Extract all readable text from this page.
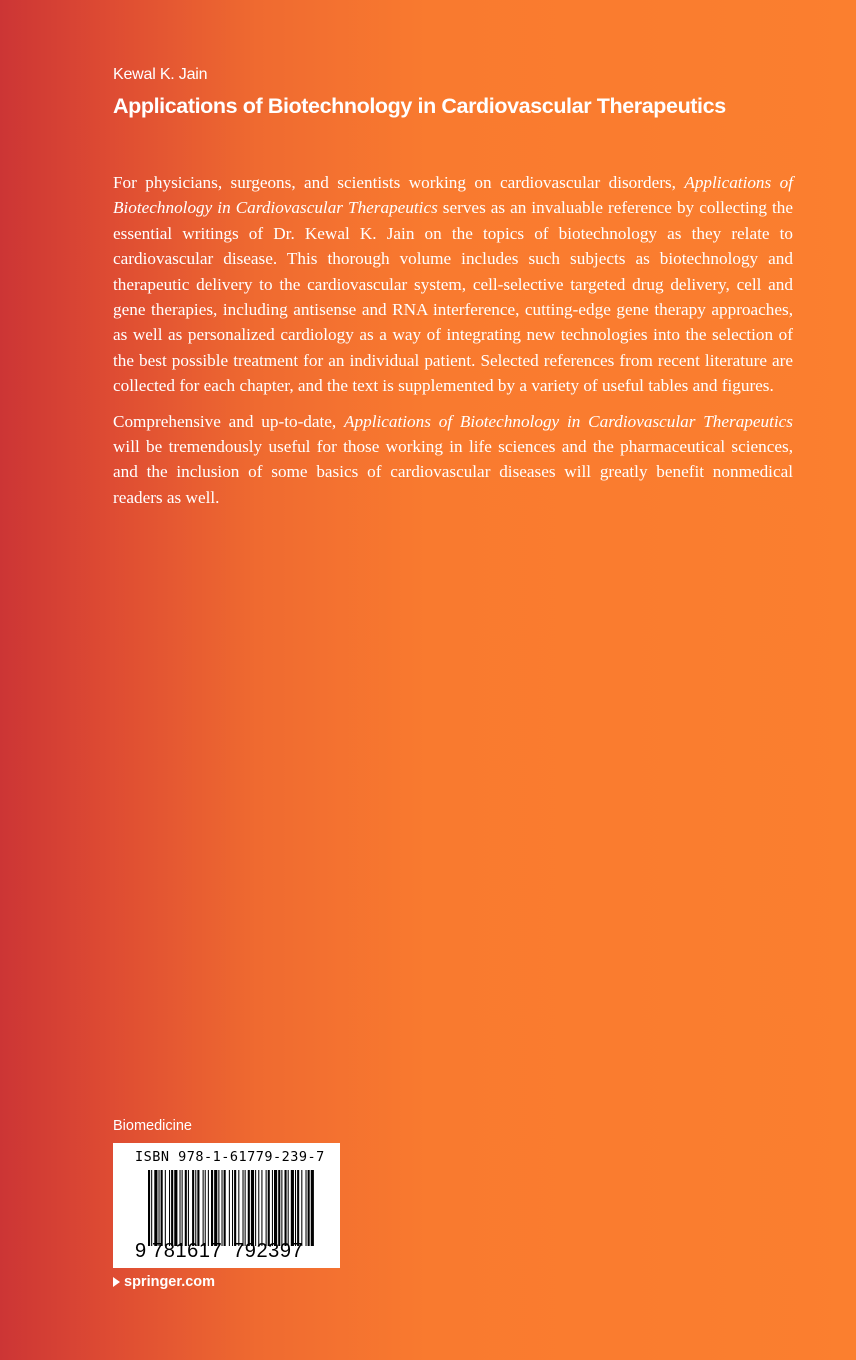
Kewal K. Jain
Applications of Biotechnology in Cardiovascular Therapeutics

For physicians, surgeons, and scientists working on cardiovascular disorders, Applications of Biotechnology in Cardiovascular Therapeutics serves as an invaluable reference by collecting the essential writings of Dr. Kewal K. Jain on the topics of biotechnology as they relate to cardiovascular disease. This thorough volume includes such subjects as biotechnology and therapeutic delivery to the cardiovascular system, cell-selective targeted drug delivery, cell and gene therapies, including antisense and RNA interference, cutting-edge gene therapy approaches, as well as personalized cardiology as a way of integrating new technologies into the selection of the best possible treatment for an individual patient. Selected references from recent literature are collected for each chapter, and the text is supplemented by a variety of useful tables and figures.

Comprehensive and up-to-date, Applications of Biotechnology in Cardiovascular Therapeutics will be tremendously useful for those working in life sciences and the pharmaceutical sciences, and the inclusion of some basics of cardiovascular diseases will greatly benefit nonmedical readers as well.

Biomedicine
ISBN 978-1-61779-239-7
9 781617 792397
springer.com
